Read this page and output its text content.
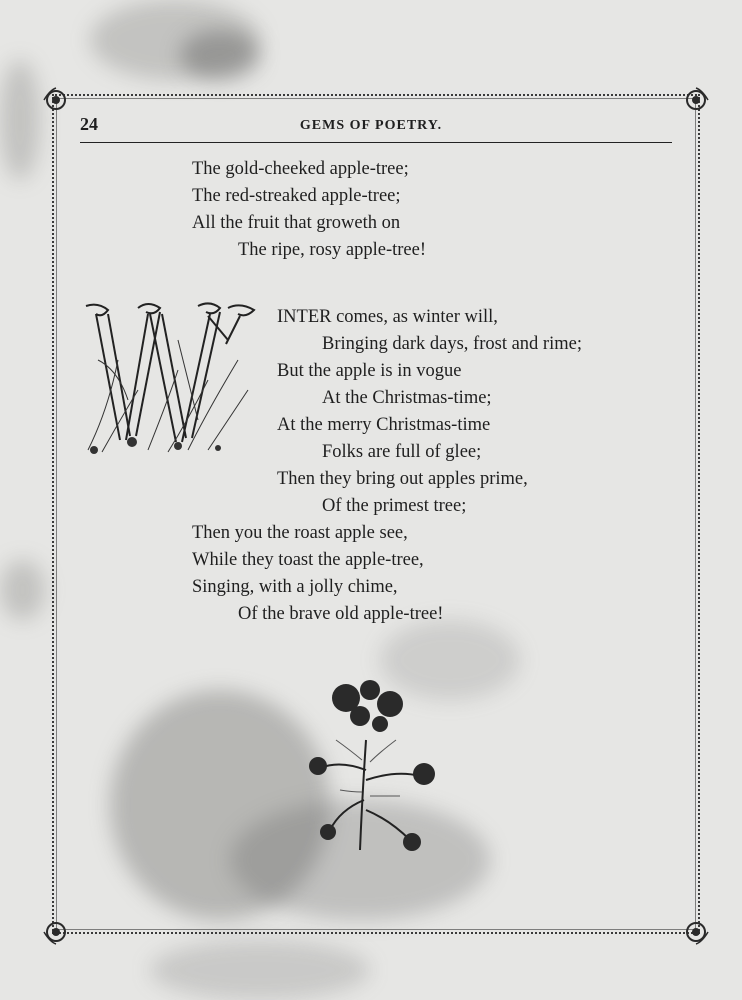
24	GEMS OF POETRY.
The gold-cheeked apple-tree;
The red-streaked apple-tree;
All the fruit that groweth on
The ripe, rosy apple-tree!
INTER comes, as winter will,
Bringing dark days, frost and rime;
But the apple is in vogue
At the Christmas-time;
At the merry Christmas-time
Folks are full of glee;
Then they bring out apples prime,
Of the primest tree;
Then you the roast apple see,
While they toast the apple-tree,
Singing, with a jolly chime,
Of the brave old apple-tree!
